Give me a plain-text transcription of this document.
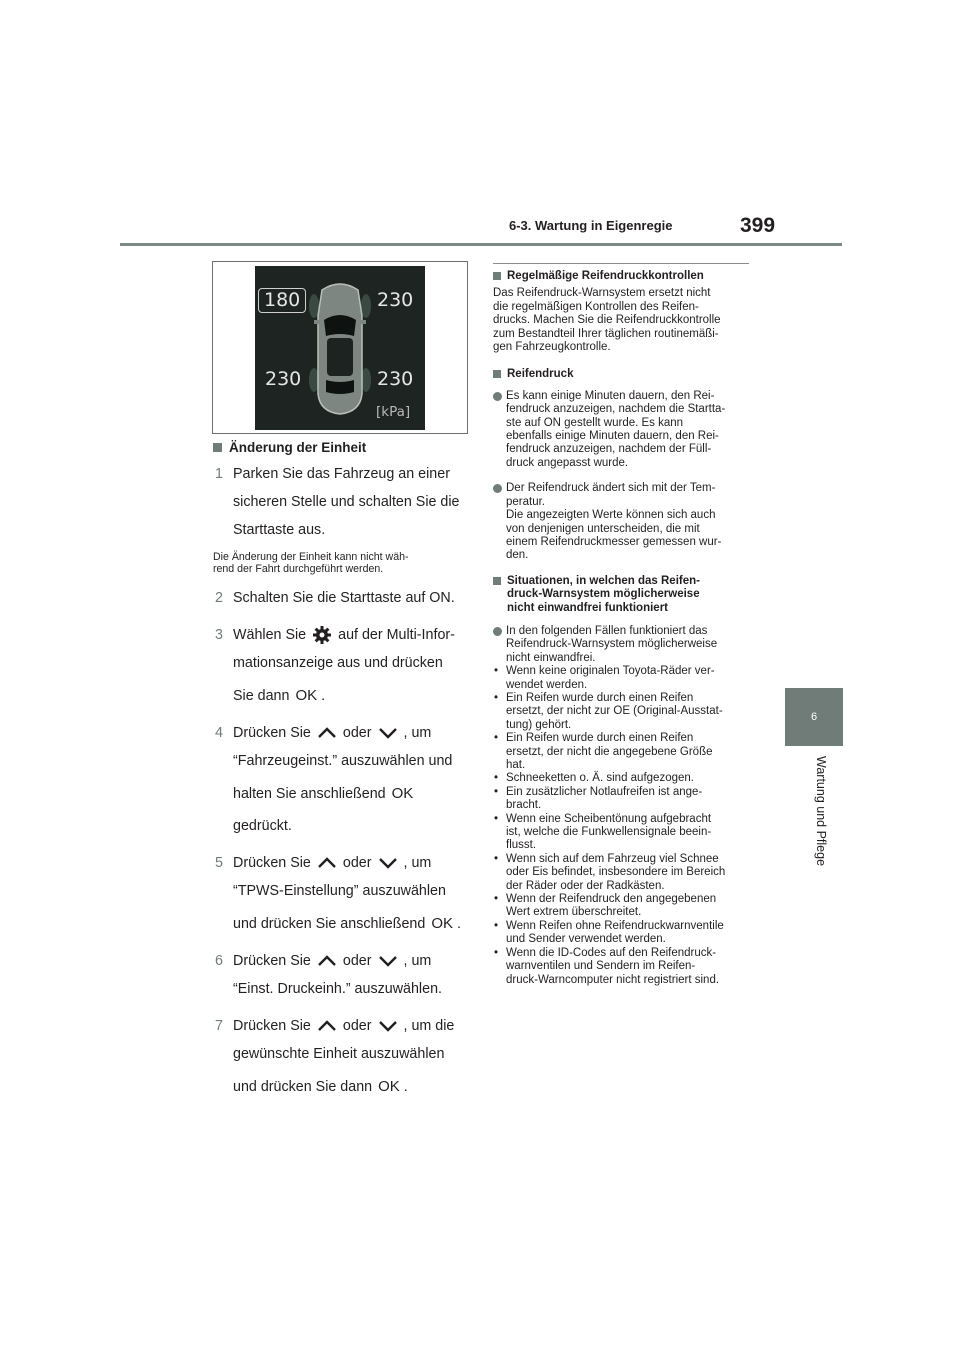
6-3. Wartung in Eigenregie	399
6
Wartung und Pflege
180	230
230	230
[kPa]
Änderung der Einheit
1 Parken Sie das Fahrzeug an einer
sicheren Stelle und schalten Sie die
Starttaste aus.
Die Änderung der Einheit kann nicht wäh-
rend der Fahrt durchgeführt werden.
2 Schalten Sie die Starttaste auf ON.
3 Wählen Sie auf der Multi-Infor-
mationsanzeige aus und drücken
Sie dann OK .
4 Drücken Sie oder , um
“Fahrzeugeinst.” auszuwählen und
halten Sie anschließend OK
gedrückt.
5 Drücken Sie oder , um
“TPWS-Einstellung” auszuwählen
und drücken Sie anschließend OK .
6 Drücken Sie oder , um
“Einst. Druckeinh.” auszuwählen.
7 Drücken Sie oder , um die
gewünschte Einheit auszuwählen
und drücken Sie dann OK .
Regelmäßige Reifendruckkontrollen
Das Reifendruck-Warnsystem ersetzt nicht
die regelmäßigen Kontrollen des Reifen-
drucks. Machen Sie die Reifendruckkontrolle
zum Bestandteil Ihrer täglichen routinemäßi-
gen Fahrzeugkontrolle.
Reifendruck
Es kann einige Minuten dauern, den Rei-
fendruck anzuzeigen, nachdem die Startta-
ste auf ON gestellt wurde. Es kann
ebenfalls einige Minuten dauern, den Rei-
fendruck anzuzeigen, nachdem der Füll-
druck angepasst wurde.
Der Reifendruck ändert sich mit der Tem-
peratur.
Die angezeigten Werte können sich auch
von denjenigen unterscheiden, die mit
einem Reifendruckmesser gemessen wur-
den.
Situationen, in welchen das Reifen-
druck-Warnsystem möglicherweise
nicht einwandfrei funktioniert
In den folgenden Fällen funktioniert das
Reifendruck-Warnsystem möglicherweise
nicht einwandfrei.
• Wenn keine originalen Toyota-Räder ver-
wendet werden.
• Ein Reifen wurde durch einen Reifen
ersetzt, der nicht zur OE (Original-Ausstat-
tung) gehört.
• Ein Reifen wurde durch einen Reifen
ersetzt, der nicht die angegebene Größe
hat.
• Schneeketten o. Ä. sind aufgezogen.
• Ein zusätzlicher Notlaufreifen ist ange-
bracht.
• Wenn eine Scheibentönung aufgebracht
ist, welche die Funkwellensignale beein-
flusst.
• Wenn sich auf dem Fahrzeug viel Schnee
oder Eis befindet, insbesondere im Bereich
der Räder oder der Radkästen.
• Wenn der Reifendruck den angegebenen
Wert extrem überschreitet.
• Wenn Reifen ohne Reifendruckwarnventile
und Sender verwendet werden.
• Wenn die ID-Codes auf den Reifendruck-
warnventilen und Sendern im Reifen-
druck-Warncomputer nicht registriert sind.
